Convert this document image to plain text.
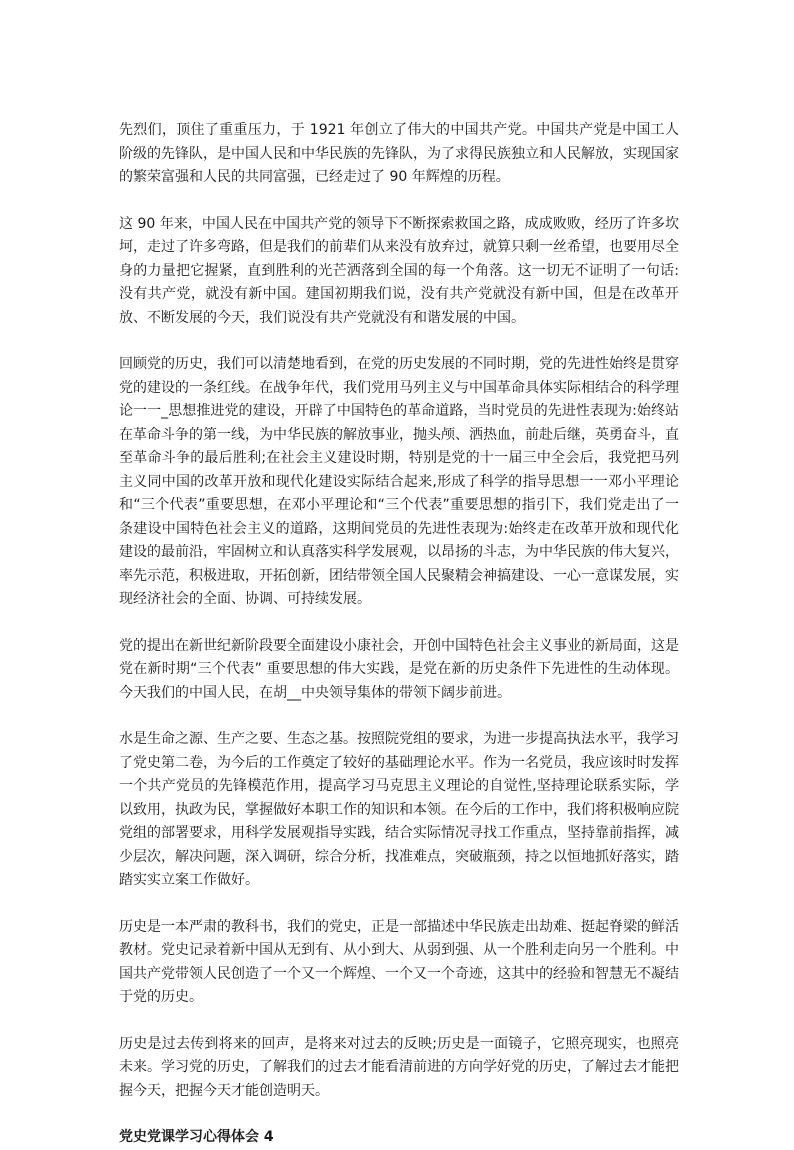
先烈们，顶住了重重压力，于 1921 年创立了伟大的中国共产党。中国共产党是中国工人阶级的先锋队，是中国人民和中华民族的先锋队，为了求得民族独立和人民解放，实现国家的繁荣富强和人民的共同富强，已经走过了 90 年辉煌的历程。

这 90 年来，中国人民在中国共产党的领导下不断探索救国之路，成成败败，经历了许多坎坷，走过了许多弯路，但是我们的前辈们从来没有放弃过，就算只剩一丝希望，也要用尽全身的力量把它握紧，直到胜利的光芒洒落到全国的每一个角落。这一切无不证明了一句话:没有共产党，就没有新中国。建国初期我们说，没有共产党就没有新中国，但是在改革开放、不断发展的今天，我们说没有共产党就没有和谐发展的中国。

回顾党的历史，我们可以清楚地看到，在党的历史发展的不同时期，党的先进性始终是贯穿党的建设的一条红线。在战争年代，我们党用马列主义与中国革命具体实际相结合的科学理论一一_思想推进党的建设，开辟了中国特色的革命道路，当时党员的先进性表现为:始终站在革命斗争的第一线，为中华民族的解放事业，抛头颅、洒热血，前赴后继，英勇奋斗，直至革命斗争的最后胜利;在社会主义建设时期，特别是党的十一届三中全会后，我党把马列主义同中国的改革开放和现代化建设实际结合起来,形成了科学的指导思想一一邓小平理论和“三个代表”重要思想，在邓小平理论和“三个代表”重要思想的指引下，我们党走出了一条建设中国特色社会主义的道路，这期间党员的先进性表现为:始终走在改革开放和现代化建设的最前沿，牢固树立和认真落实科学发展观，以昂扬的斗志，为中华民族的伟大复兴，率先示范，积极进取，开拓创新，团结带领全国人民聚精会神搞建设、一心一意谋发展，实现经济社会的全面、协调、可持续发展。

党的提出在新世纪新阶段要全面建设小康社会，开创中国特色社会主义事业的新局面，这是党在新时期“三个代表” 重要思想的伟大实践，是党在新的历史条件下先进性的生动体现。今天我们的中国人民，在胡__中央领导集体的带领下阔步前进。

水是生命之源、生产之要、生态之基。按照院党组的要求，为进一步提高执法水平，我学习了党史第二卷，为今后的工作奠定了较好的基础理论水平。作为一名党员，我应该时时发挥一个共产党员的先锋模范作用，提高学习马克思主义理论的自觉性,坚持理论联系实际，学以致用，执政为民，掌握做好本职工作的知识和本领。在今后的工作中，我们将积极响应院党组的部署要求，用科学发展观指导实践，结合实际情况寻找工作重点，坚持靠前指挥，减少层次，解决问题，深入调研，综合分析，找准难点，突破瓶颈，持之以恒地抓好落实，踏踏实实立案工作做好。

历史是一本严肃的教科书，我们的党史，正是一部描述中华民族走出劫难、挺起脊梁的鲜活教材。党史记录着新中国从无到有、从小到大、从弱到强、从一个胜利走向另一个胜利。中国共产党带领人民创造了一个又一个辉煌、一个又一个奇迹，这其中的经验和智慧无不凝结于党的历史。

历史是过去传到将来的回声，是将来对过去的反映;历史是一面镜子，它照亮现实，也照亮未来。学习党的历史，了解我们的过去才能看清前进的方向学好党的历史，了解过去才能把握今天，把握今天才能创造明天。

党史党课学习心得体会 4
